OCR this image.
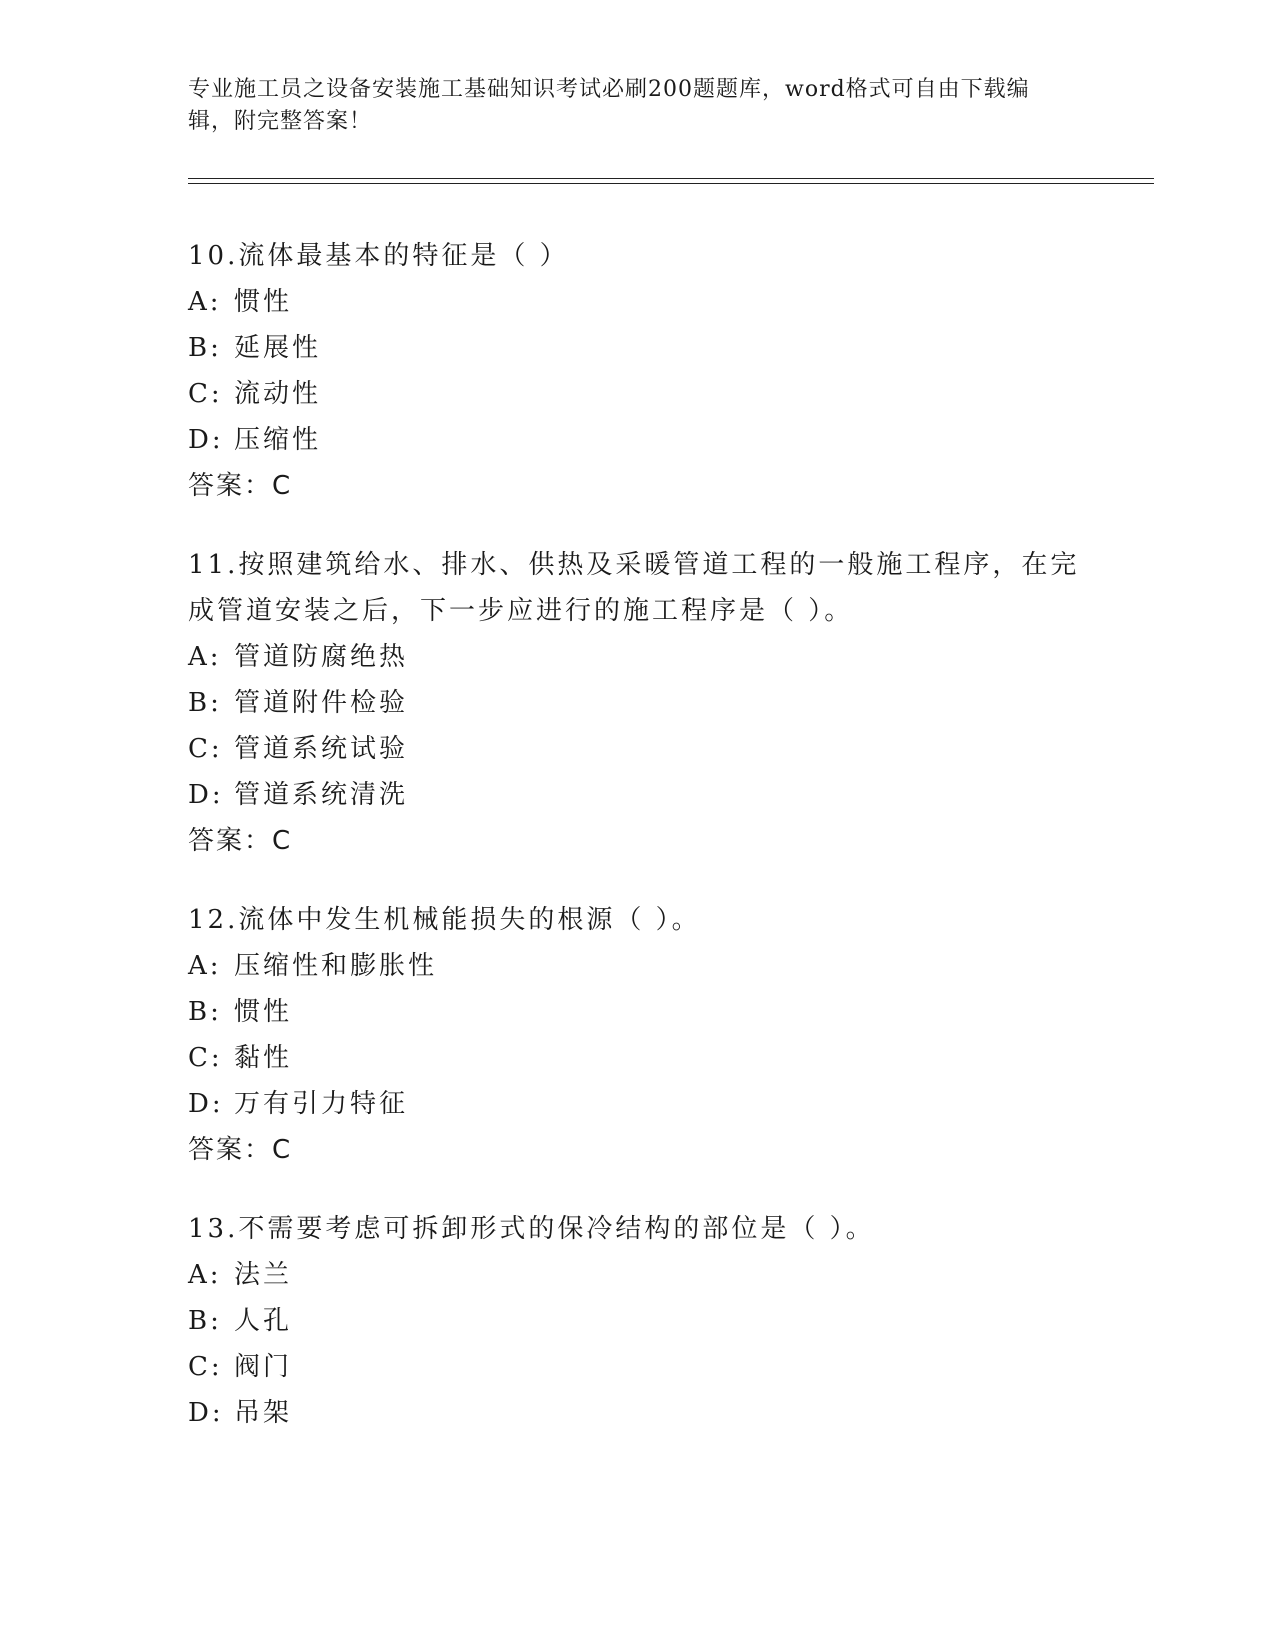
专业施工员之设备安装施工基础知识考试必刷200题题库，word格式可自由下载编辑，附完整答案！

10.流体最基本的特征是（ ）

A: 惯性

B: 延展性

C: 流动性

D: 压缩性

答案：C

11.按照建筑给水、排水、供热及采暖管道工程的一般施工程序，在完成管道安装之后，下一步应进行的施工程序是（ ）。

A: 管道防腐绝热

B: 管道附件检验

C: 管道系统试验

D: 管道系统清洗

答案：C

12.流体中发生机械能损失的根源（ ）。

A: 压缩性和膨胀性

B: 惯性

C: 黏性

D: 万有引力特征

答案：C

13.不需要考虑可拆卸形式的保冷结构的部位是（ ）。

A: 法兰

B: 人孔

C: 阀门

D: 吊架
